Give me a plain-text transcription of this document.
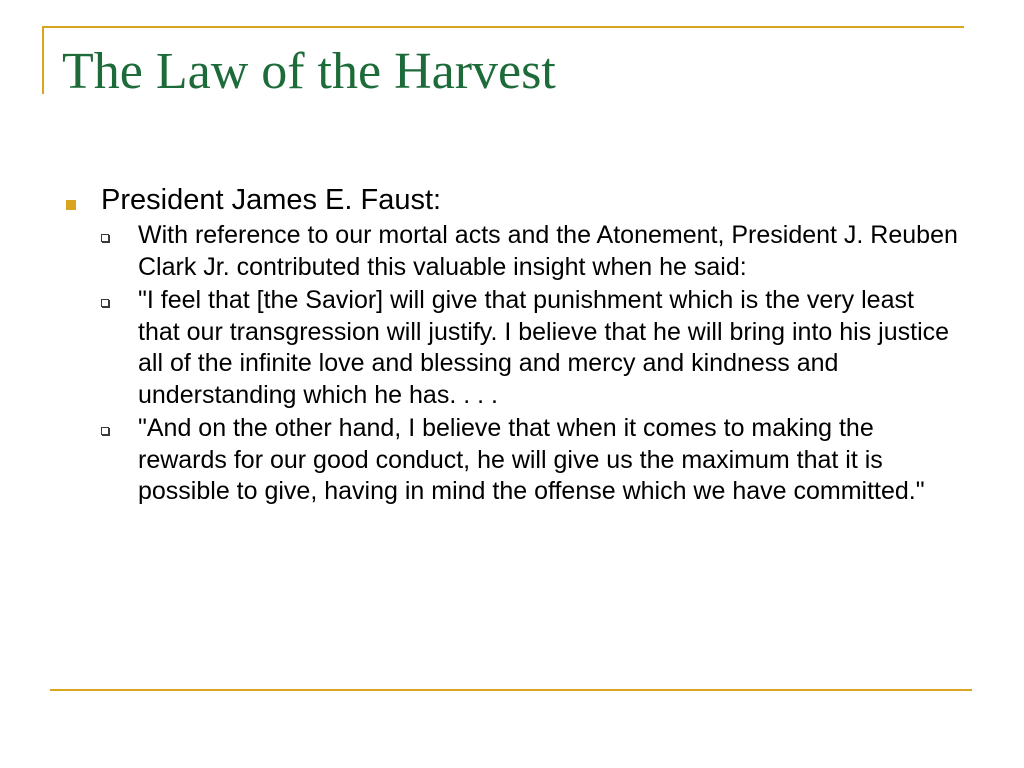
The Law of the Harvest
President James E. Faust:
With reference to our mortal acts and the Atonement, President J. Reuben Clark Jr. contributed this valuable insight when he said:
"I feel that [the Savior] will give that punishment which is the very least that our transgression will justify. I believe that he will bring into his justice all of the infinite love and blessing and mercy and kindness and understanding which he has. . . .
"And on the other hand, I believe that when it comes to making the rewards for our good conduct, he will give us the maximum that it is possible to give, having in mind the offense which we have committed."
